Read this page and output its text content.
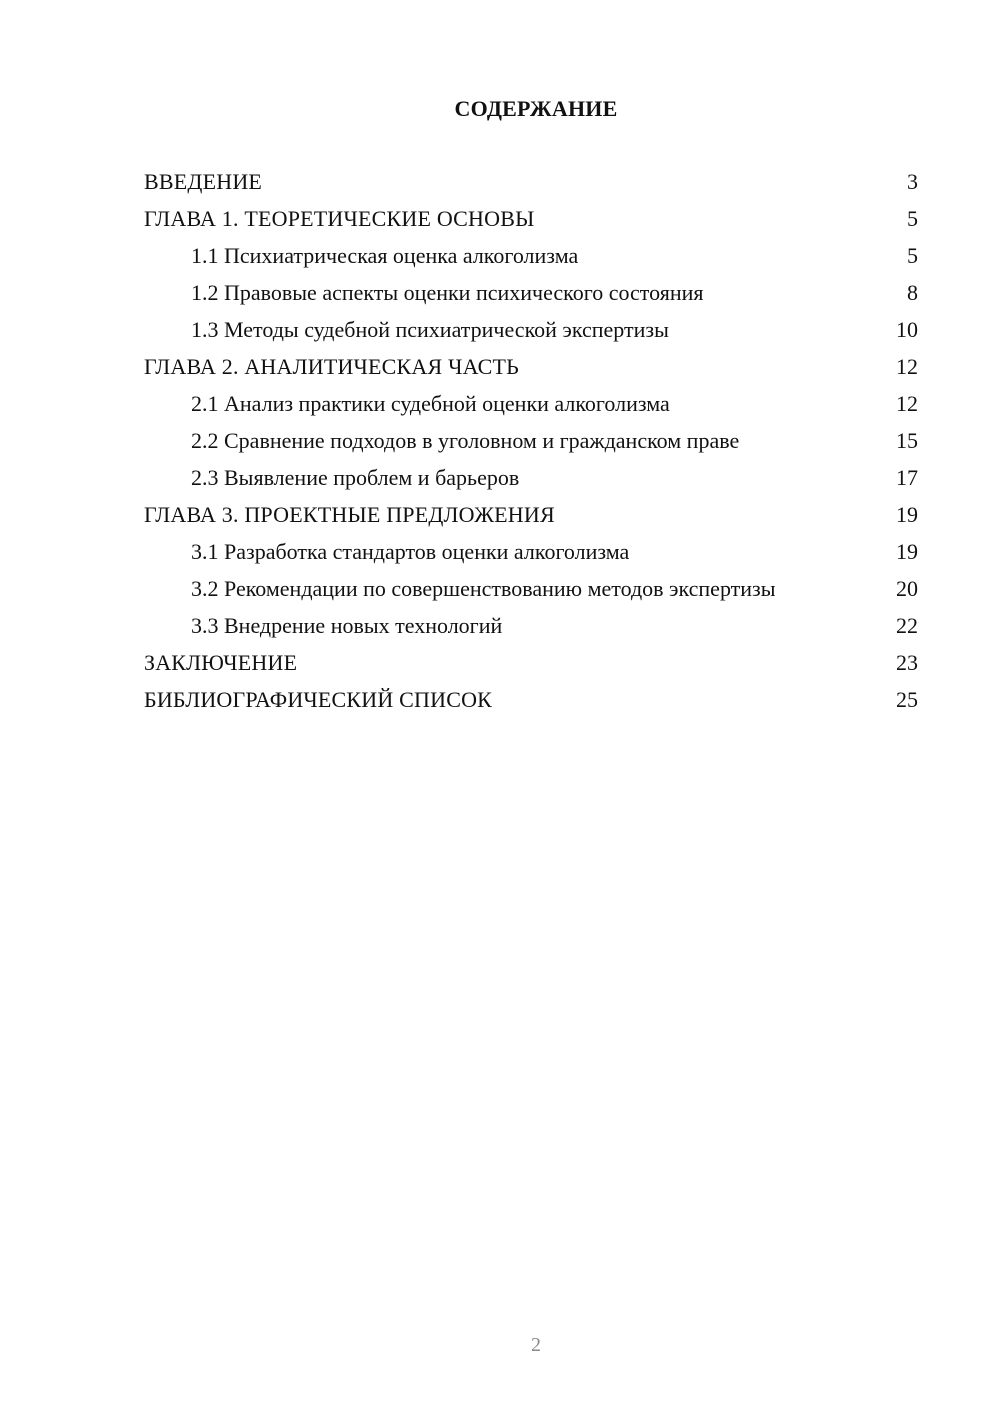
СОДЕРЖАНИЕ
ВВЕДЕНИЕ	3
ГЛАВА 1. ТЕОРЕТИЧЕСКИЕ ОСНОВЫ	5
1.1 Психиатрическая оценка алкоголизма	5
1.2 Правовые аспекты оценки психического состояния	8
1.3 Методы судебной психиатрической экспертизы	10
ГЛАВА 2. АНАЛИТИЧЕСКАЯ ЧАСТЬ	12
2.1 Анализ практики судебной оценки алкоголизма	12
2.2 Сравнение подходов в уголовном и гражданском праве	15
2.3 Выявление проблем и барьеров	17
ГЛАВА 3. ПРОЕКТНЫЕ ПРЕДЛОЖЕНИЯ	19
3.1 Разработка стандартов оценки алкоголизма	19
3.2 Рекомендации по совершенствованию методов экспертизы	20
3.3 Внедрение новых технологий	22
ЗАКЛЮЧЕНИЕ	23
БИБЛИОГРАФИЧЕСКИЙ СПИСОК	25
2
